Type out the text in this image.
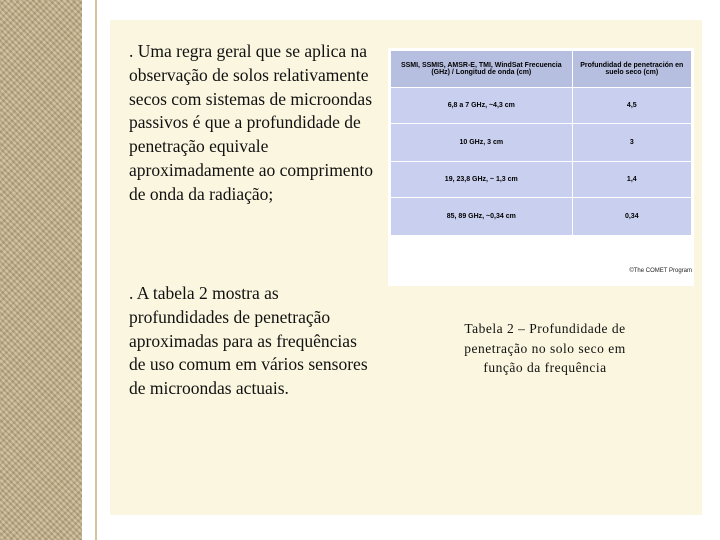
. Uma regra geral que se aplica na observação de solos relativamente secos com sistemas de microondas passivos é que a profundidade de penetração equivale aproximadamente ao comprimento de onda da radiação;
. A tabela 2 mostra as profundidades de penetração aproximadas para as frequências de uso comum em vários sensores de microondas actuais.
SSMI, SSMIS, AMSR-E, TMI, WindSat Frecuencia (GHz) / Longitud de onda (cm)	Profundidad de penetración en suelo seco (cm)
6,8 a 7 GHz, ~4,3 cm	4,5
10 GHz, 3 cm	3
19, 23,8 GHz, ~ 1,3 cm	1,4
85, 89 GHz, ~0,34 cm	0,34
©The COMET Program
Tabela 2 – Profundidade de penetração no solo seco em função da frequência
